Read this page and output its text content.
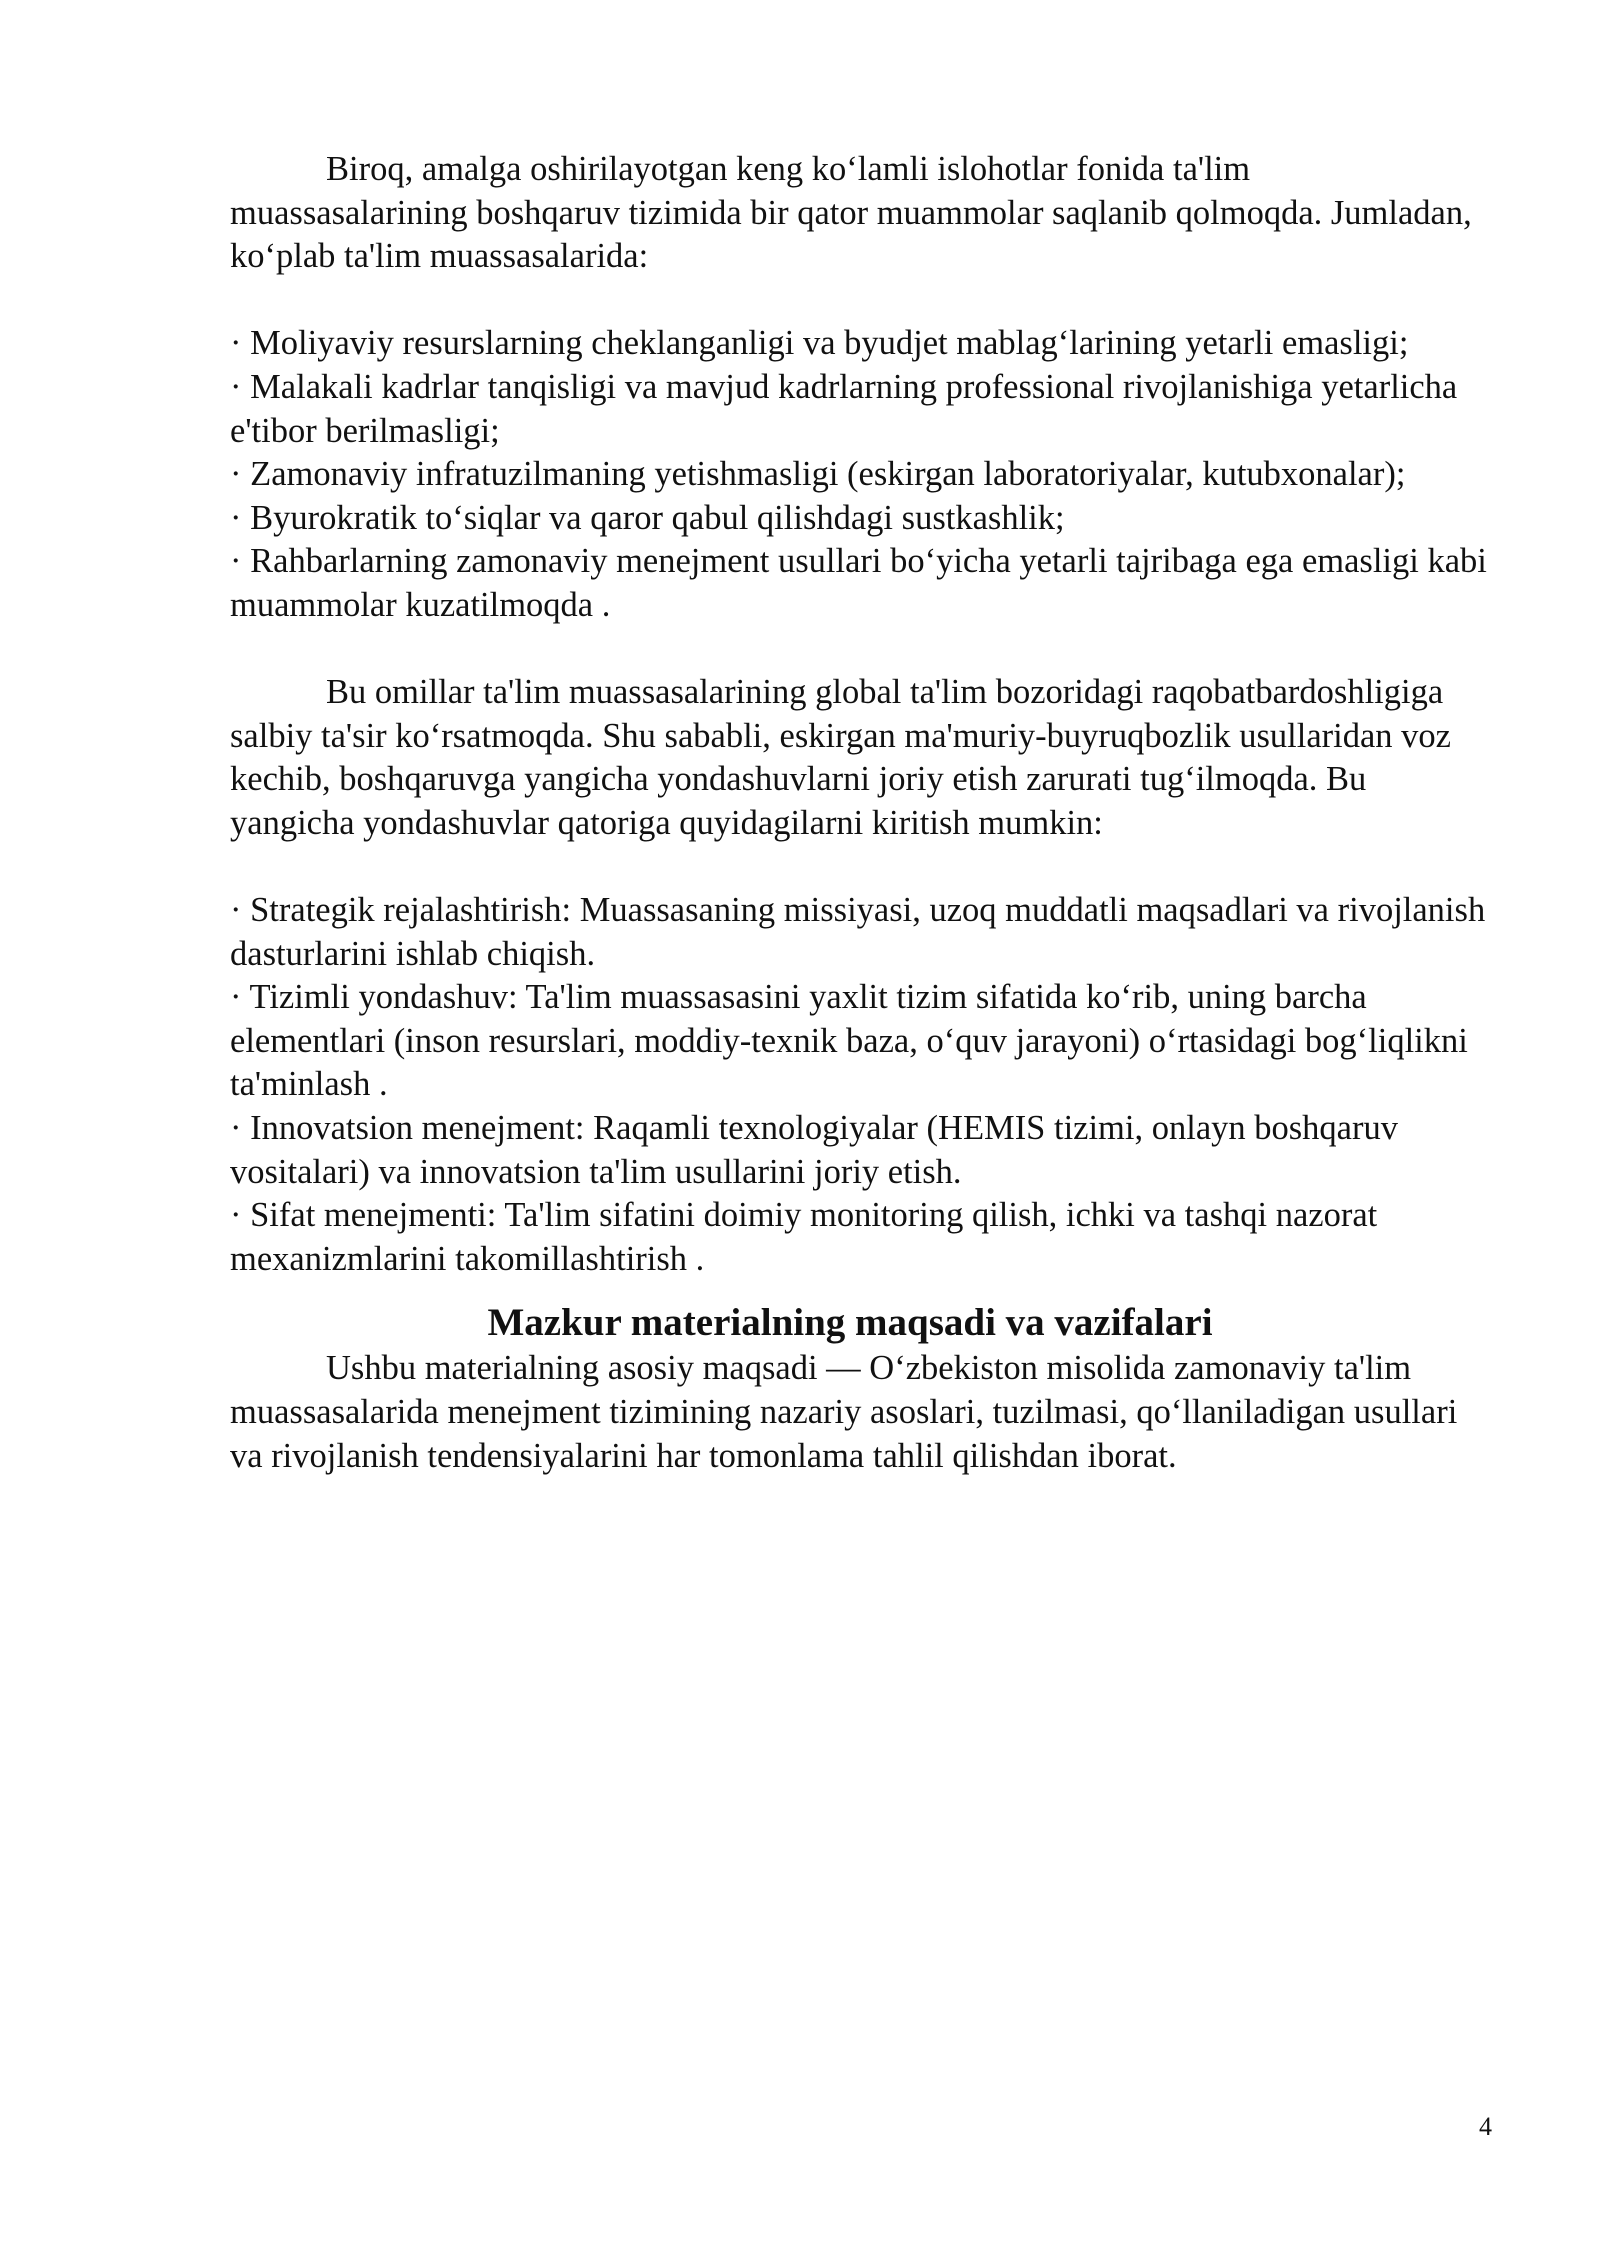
Biroq, amalga oshirilayotgan keng ko‘lamli islohotlar fonida ta'lim muassasalarining boshqaruv tizimida bir qator muammolar saqlanib qolmoqda. Jumladan, ko‘plab ta'lim muassasalarida:

· Moliyaviy resurslarning cheklanganligi va byudjet mablag‘larining yetarli emasligi;

· Malakali kadrlar tanqisligi va mavjud kadrlarning professional rivojlanishiga yetarlicha e'tibor berilmasligi;

· Zamonaviy infratuzilmaning yetishmasligi (eskirgan laboratoriyalar, kutubxonalar);

· Byurokratik to‘siqlar va qaror qabul qilishdagi sustkashlik;

· Rahbarlarning zamonaviy menejment usullari bo‘yicha yetarli tajribaga ega emasligi kabi muammolar kuzatilmoqda .

Bu omillar ta'lim muassasalarining global ta'lim bozoridagi raqobatbardoshligiga salbiy ta'sir ko‘rsatmoqda. Shu sababli, eskirgan ma'muriy-buyruqbozlik usullaridan voz kechib, boshqaruvga yangicha yondashuvlarni joriy etish zarurati tug‘ilmoqda. Bu yangicha yondashuvlar qatoriga quyidagilarni kiritish mumkin:

· Strategik rejalashtirish: Muassasaning missiyasi, uzoq muddatli maqsadlari va rivojlanish dasturlarini ishlab chiqish.

· Tizimli yondashuv: Ta'lim muassasasini yaxlit tizim sifatida ko‘rib, uning barcha elementlari (inson resurslari, moddiy-texnik baza, o‘quv jarayoni) o‘rtasidagi bog‘liqlikni ta'minlash .

· Innovatsion menejment: Raqamli texnologiyalar (HEMIS tizimi, onlayn boshqaruv vositalari) va innovatsion ta'lim usullarini joriy etish.

· Sifat menejmenti: Ta'lim sifatini doimiy monitoring qilish, ichki va tashqi nazorat mexanizmlarini takomillashtirish .

Mazkur materialning maqsadi va vazifalari

Ushbu materialning asosiy maqsadi — O‘zbekiston misolida zamonaviy ta'lim muassasalarida menejment tizimining nazariy asoslari, tuzilmasi, qo‘llaniladigan usullari va rivojlanish tendensiyalarini har tomonlama tahlil qilishdan iborat.

4
